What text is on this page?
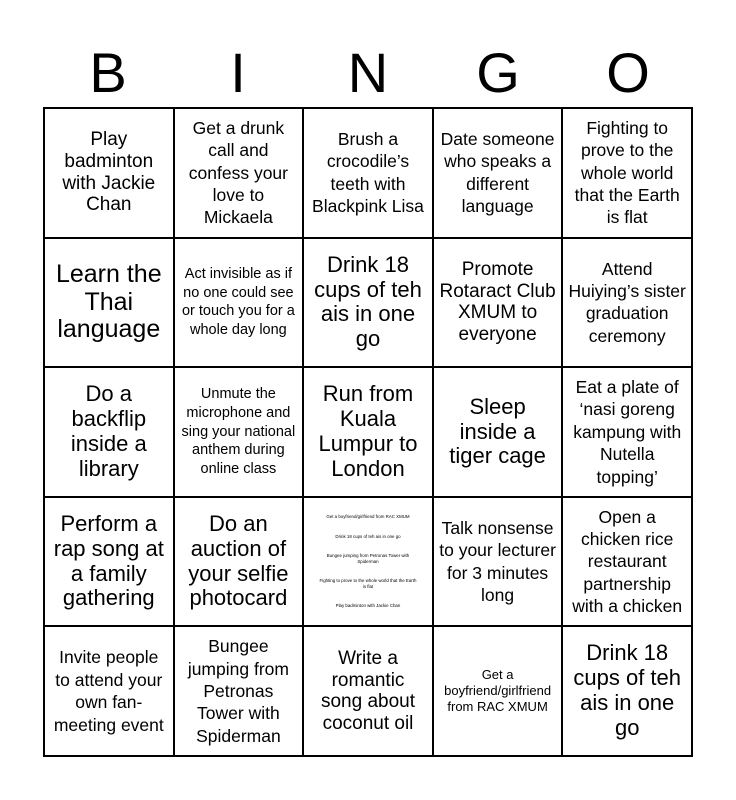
B	I	N	G	O
Play badminton with Jackie Chan
Get a drunk call and confess your love to Mickaela
Brush a crocodile’s teeth with Blackpink Lisa
Date someone who speaks a different language
Fighting to prove to the whole world that the Earth is flat
Learn the Thai language
Act invisible as if no one could see or touch you for a whole day long
Drink 18 cups of teh ais in one go
Promote Rotaract Club XMUM to everyone
Attend Huiying’s sister graduation ceremony
Do a backflip inside a library
Unmute the microphone and sing your national anthem during online class
Run from Kuala Lumpur to London
Sleep inside a tiger cage
Eat a plate of ‘nasi goreng kampung with Nutella topping’
Perform a rap song at a family gathering
Do an auction of your selfie photocard
Get a boyfriend/girlfriend from RAC XMUM
Drink 18 cups of teh ais in one go
Bungee jumping from Petronas Tower with Spiderman
Fighting to prove to the whole world that the Earth is flat
Play badminton with Jackie Chan
Talk nonsense to your lecturer for 3 minutes long
Open a chicken rice restaurant partnership with a chicken
Invite people to attend your own fan-meeting event
Bungee jumping from Petronas Tower with Spiderman
Write a romantic song about coconut oil
Get a boyfriend/girlfriend from RAC XMUM
Drink 18 cups of teh ais in one go
